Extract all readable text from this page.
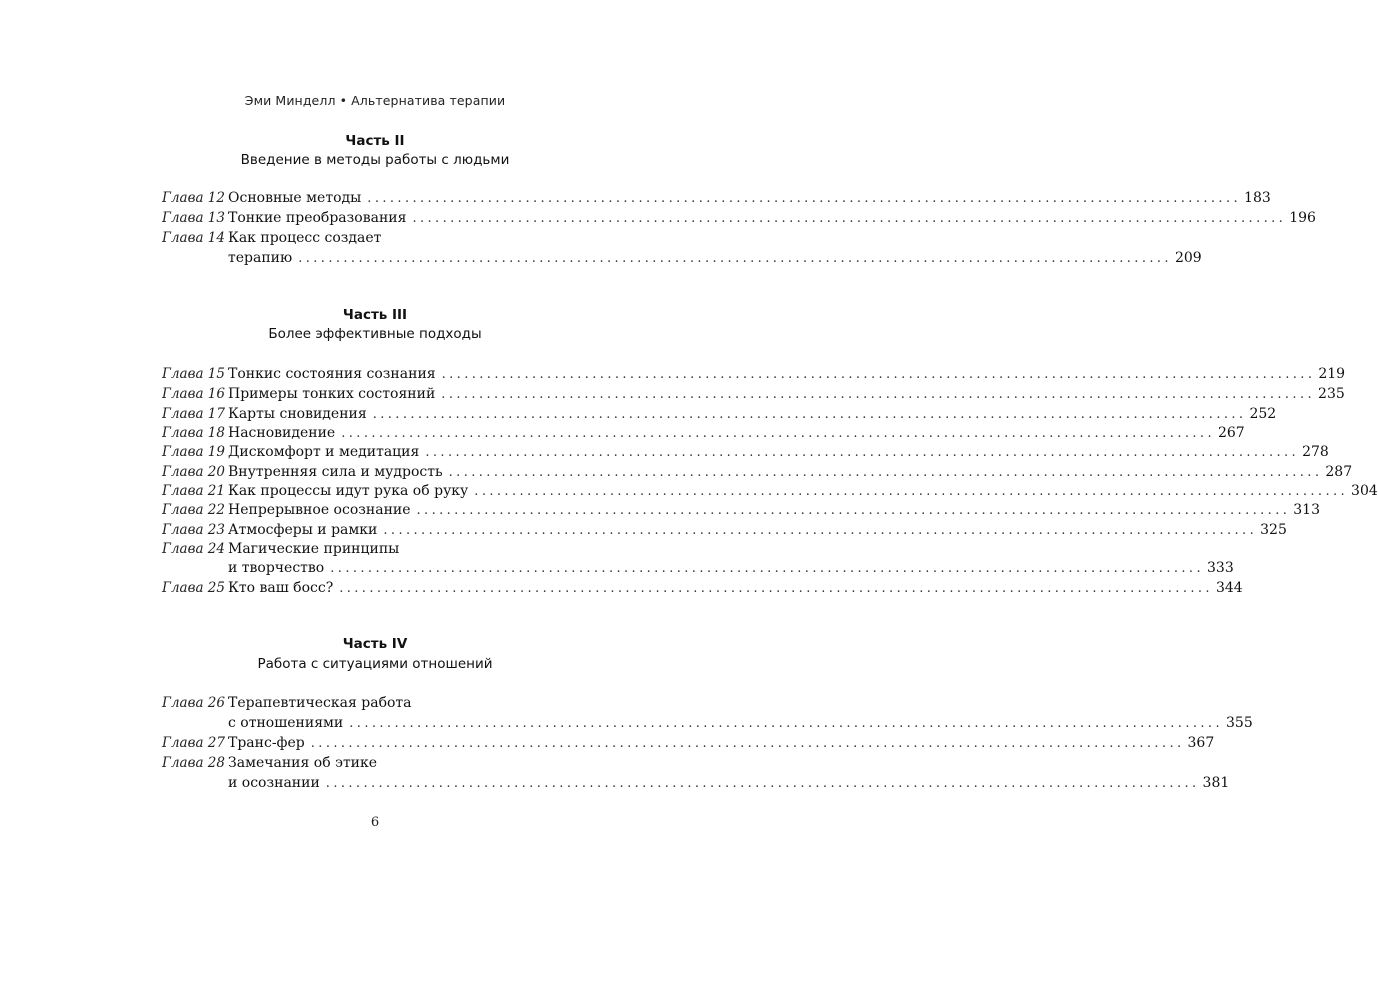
Эми Минделл • Альтернатива терапии
Часть II
Введение в методы работы с людьми
Глава 12 Основные методы .................................................................................................................... 183
Глава 13 Тонкие преобразования .................................................................................................................... 196
Глава 14 Как процесс создает
терапию .................................................................................................................... 209
Часть III
Более эффективные подходы
Глава 15 Тонкис состояния сознания .................................................................................................................... 219
Глава 16 Примеры тонких состояний .................................................................................................................... 235
Глава 17 Карты сновидения .................................................................................................................... 252
Глава 18 Насновидение .................................................................................................................... 267
Глава 19 Дискомфорт и медитация .................................................................................................................... 278
Глава 20 Внутренняя сила и мудрость .................................................................................................................... 287
Глава 21 Как процессы идут рука об руку .................................................................................................................... 304
Глава 22 Непрерывное осознание .................................................................................................................... 313
Глава 23 Атмосферы и рамки .................................................................................................................... 325
Глава 24 Магические принципы
и творчество .................................................................................................................... 333
Глава 25 Кто ваш босс? .................................................................................................................... 344
Часть IV
Работа с ситуациями отношений
Глава 26 Терапевтическая работа
с отношениями .................................................................................................................... 355
Глава 27 Транс-фер .................................................................................................................... 367
Глава 28 Замечания об этике
и осознании .................................................................................................................... 381
6
